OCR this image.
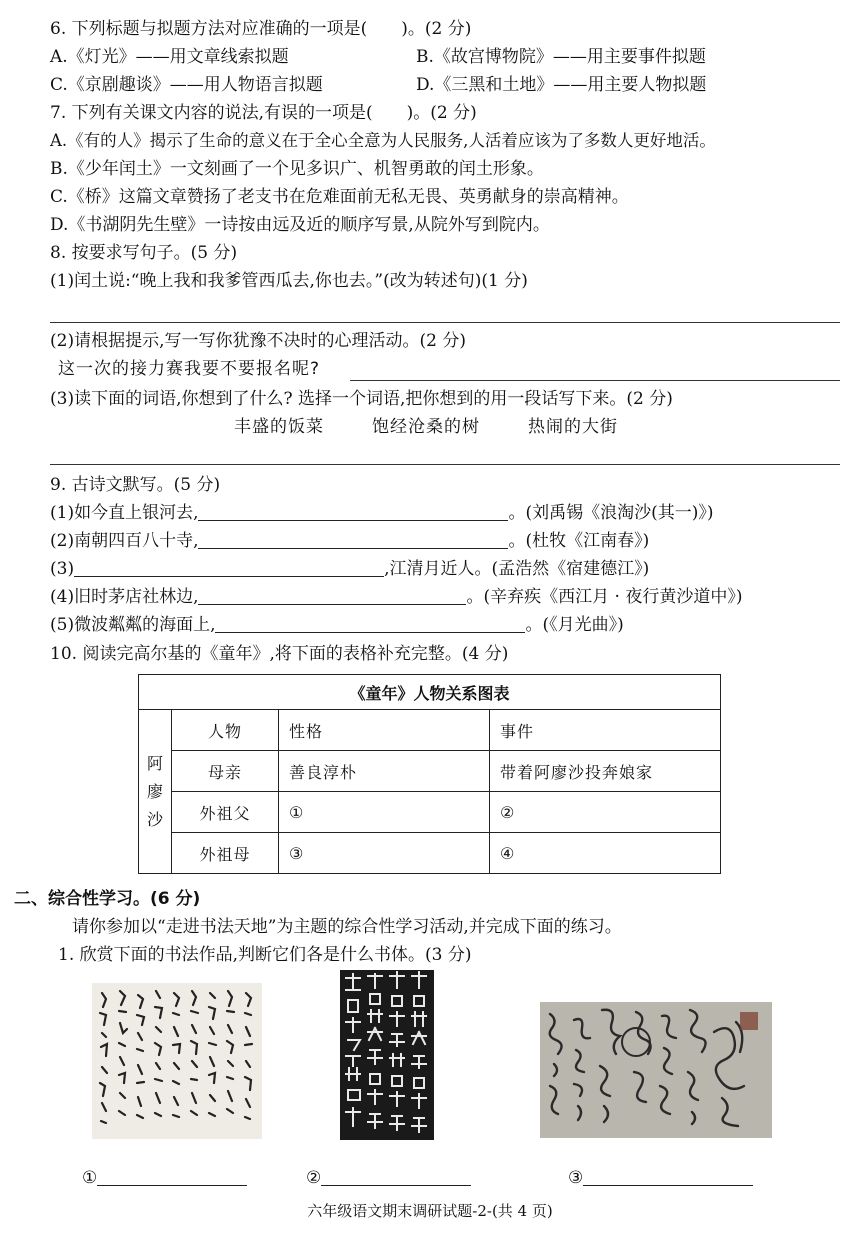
6. 下列标题与拟题方法对应准确的一项是(　　)。(2 分)
A.《灯光》——用文章线索拟题	B.《故宫博物院》——用主要事件拟题
C.《京剧趣谈》——用人物语言拟题	D.《三黑和土地》——用主要人物拟题
7. 下列有关课文内容的说法,有误的一项是(　　)。(2 分)
A.《有的人》揭示了生命的意义在于全心全意为人民服务,人活着应该为了多数人更好地活。
B.《少年闰土》一文刻画了一个见多识广、机智勇敢的闰土形象。
C.《桥》这篇文章赞扬了老支书在危难面前无私无畏、英勇献身的崇高精神。
D.《书湖阴先生壁》一诗按由远及近的顺序写景,从院外写到院内。
8. 按要求写句子。(5 分)
(1)闰土说:“晚上我和我爹管西瓜去,你也去。”(改为转述句)(1 分)
(2)请根据提示,写一写你犹豫不决时的心理活动。(2 分)
这一次的接力赛我要不要报名呢?
(3)读下面的词语,你想到了什么? 选择一个词语,把你想到的用一段话写下来。(2 分)
丰盛的饭菜	饱经沧桑的树	热闹的大街
9. 古诗文默写。(5 分)
(1)如今直上银河去,	。(刘禹锡《浪淘沙(其一)》)
(2)南朝四百八十寺,	。(杜牧《江南春》)
(3)	,江清月近人。(孟浩然《宿建德江》)
(4)旧时茅店社林边,	。(辛弃疾《西江月 · 夜行黄沙道中》)
(5)微波粼粼的海面上,	。(《月光曲》)
10. 阅读完高尔基的《童年》,将下面的表格补充完整。(4 分)
《童年》人物关系图表			

阿
廖
沙	人物	性格	事件
	母亲	善良淳朴	带着阿廖沙投奔娘家
	外祖父	①	②
	外祖母	③	④
二、综合性学习。(6 分)
请你参加以“走进书法天地”为主题的综合性学习活动,并完成下面的练习。
1. 欣赏下面的书法作品,判断它们各是什么书体。(3 分)
①	②	③
六年级语文期末调研试题-2-(共 4 页)
